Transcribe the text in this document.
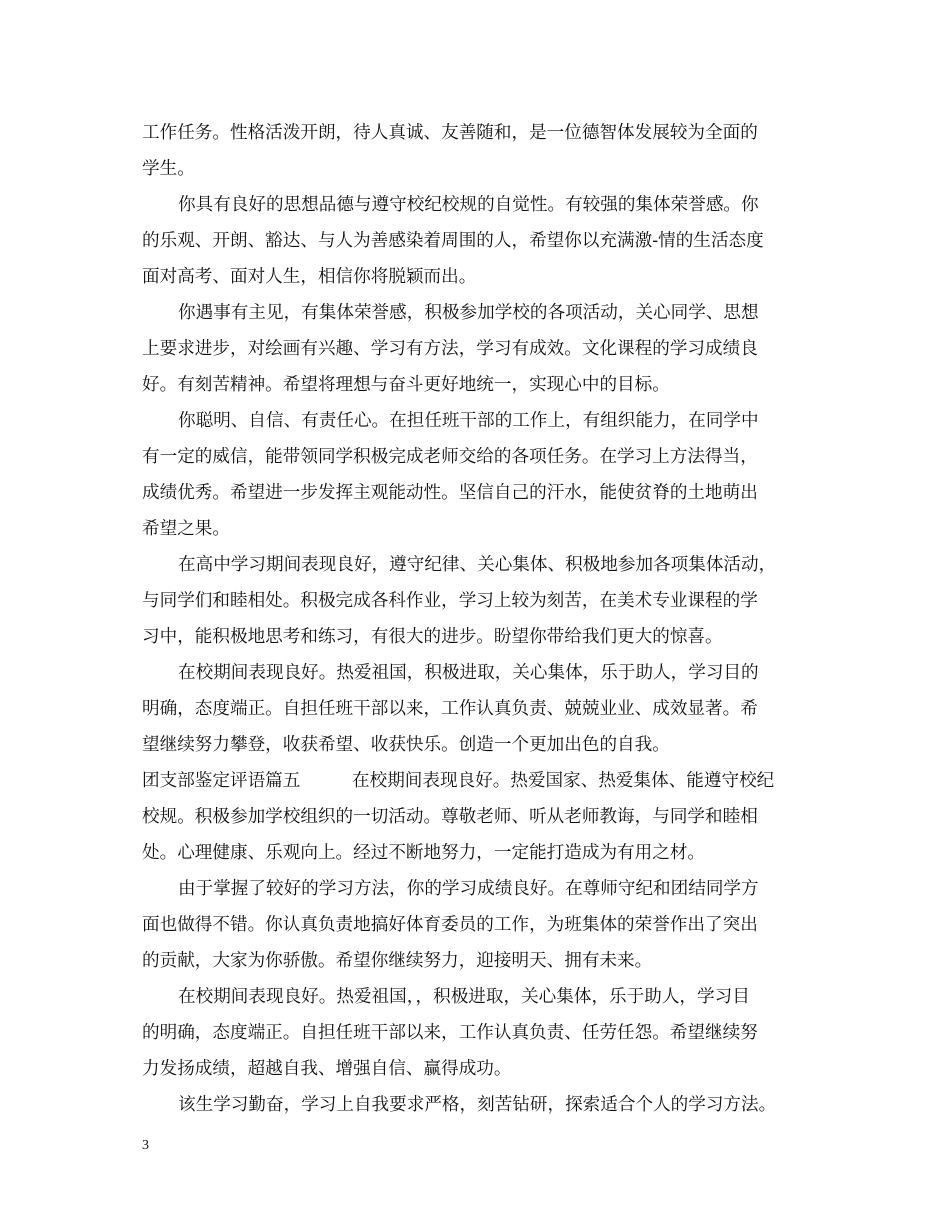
工作任务。性格活泼开朗，待人真诚、友善随和，是一位德智体发展较为全面的
学生。
你具有良好的思想品德与遵守校纪校规的自觉性。有较强的集体荣誉感。你
的乐观、开朗、豁达、与人为善感染着周围的人，希望你以充满激-情的生活态度
面对高考、面对人生，相信你将脱颖而出。
你遇事有主见，有集体荣誉感，积极参加学校的各项活动，关心同学、思想
上要求进步，对绘画有兴趣、学习有方法，学习有成效。文化课程的学习成绩良
好。有刻苦精神。希望将理想与奋斗更好地统一，实现心中的目标。
你聪明、自信、有责任心。在担任班干部的工作上，有组织能力，在同学中
有一定的威信，能带领同学积极完成老师交给的各项任务。在学习上方法得当，
成绩优秀。希望进一步发挥主观能动性。坚信自己的汗水，能使贫脊的土地萌出
希望之果。
在高中学习期间表现良好，遵守纪律、关心集体、积极地参加各项集体活动，
与同学们和睦相处。积极完成各科作业，学习上较为刻苦，在美术专业课程的学
习中，能积极地思考和练习，有很大的进步。盼望你带给我们更大的惊喜。
在校期间表现良好。热爱祖国，积极进取，关心集体，乐于助人，学习目的
明确，态度端正。自担任班干部以来，工作认真负责、兢兢业业、成效显著。希
望继续努力攀登，收获希望、收获快乐。创造一个更加出色的自我。
团支部鉴定评语篇五	在校期间表现良好。热爱国家、热爱集体、能遵守校纪
校规。积极参加学校组织的一切活动。尊敬老师、听从老师教诲，与同学和睦相
处。心理健康、乐观向上。经过不断地努力，一定能打造成为有用之材。
由于掌握了较好的学习方法，你的学习成绩良好。在尊师守纪和团结同学方
面也做得不错。你认真负责地搞好体育委员的工作，为班集体的荣誉作出了突出
的贡献，大家为你骄傲。希望你继续努力，迎接明天、拥有未来。
在校期间表现良好。热爱祖国，，积极进取，关心集体，乐于助人，学习目
的明确，态度端正。自担任班干部以来，工作认真负责、任劳任怨。希望继续努
力发扬成绩，超越自我、增强自信、赢得成功。
该生学习勤奋，学习上自我要求严格，刻苦钻研，探索适合个人的学习方法。
3
